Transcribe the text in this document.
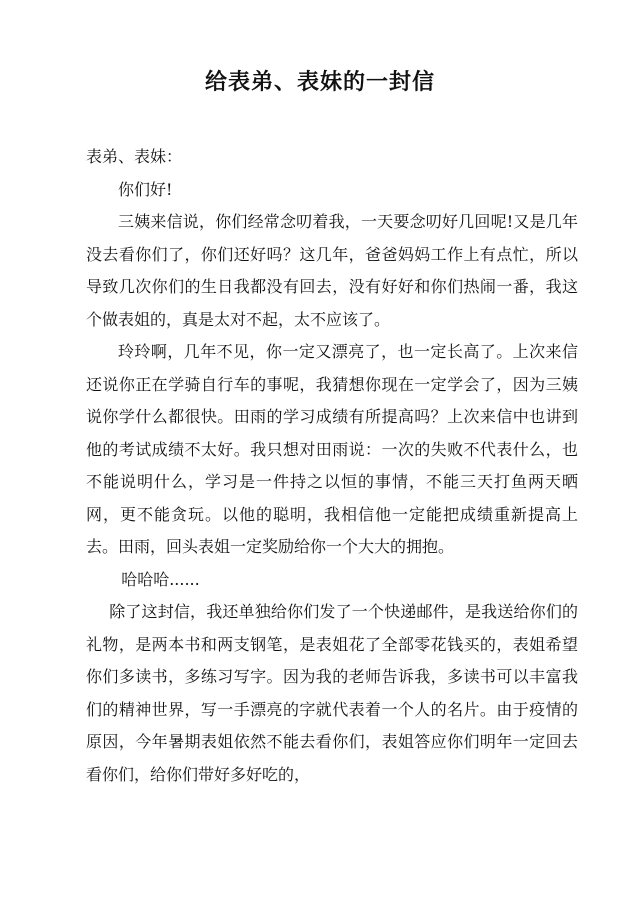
给表弟、表妹的一封信

表弟、表妹：

你们好!

三姨来信说，你们经常念叨着我，一天要念叨好几回呢!又是几年没去看你们了，你们还好吗？这几年，爸爸妈妈工作上有点忙，所以导致几次你们的生日我都没有回去，没有好好和你们热闹一番，我这个做表姐的，真是太对不起，太不应该了。

玲玲啊，几年不见，你一定又漂亮了，也一定长高了。上次来信还说你正在学骑自行车的事呢，我猜想你现在一定学会了，因为三姨说你学什么都很快。田雨的学习成绩有所提高吗？上次来信中也讲到他的考试成绩不太好。我只想对田雨说：一次的失败不代表什么，也不能说明什么，学习是一件持之以恒的事情，不能三天打鱼两天晒网，更不能贪玩。以他的聪明，我相信他一定能把成绩重新提高上去。田雨，回头表姐一定奖励给你一个大大的拥抱。

哈哈哈......

除了这封信，我还单独给你们发了一个快递邮件，是我送给你们的礼物，是两本书和两支钢笔，是表姐花了全部零花钱买的，表姐希望你们多读书，多练习写字。因为我的老师告诉我，多读书可以丰富我们的精神世界，写一手漂亮的字就代表着一个人的名片。由于疫情的原因，今年暑期表姐依然不能去看你们，表姐答应你们明年一定回去看你们，给你们带好多好吃的，
